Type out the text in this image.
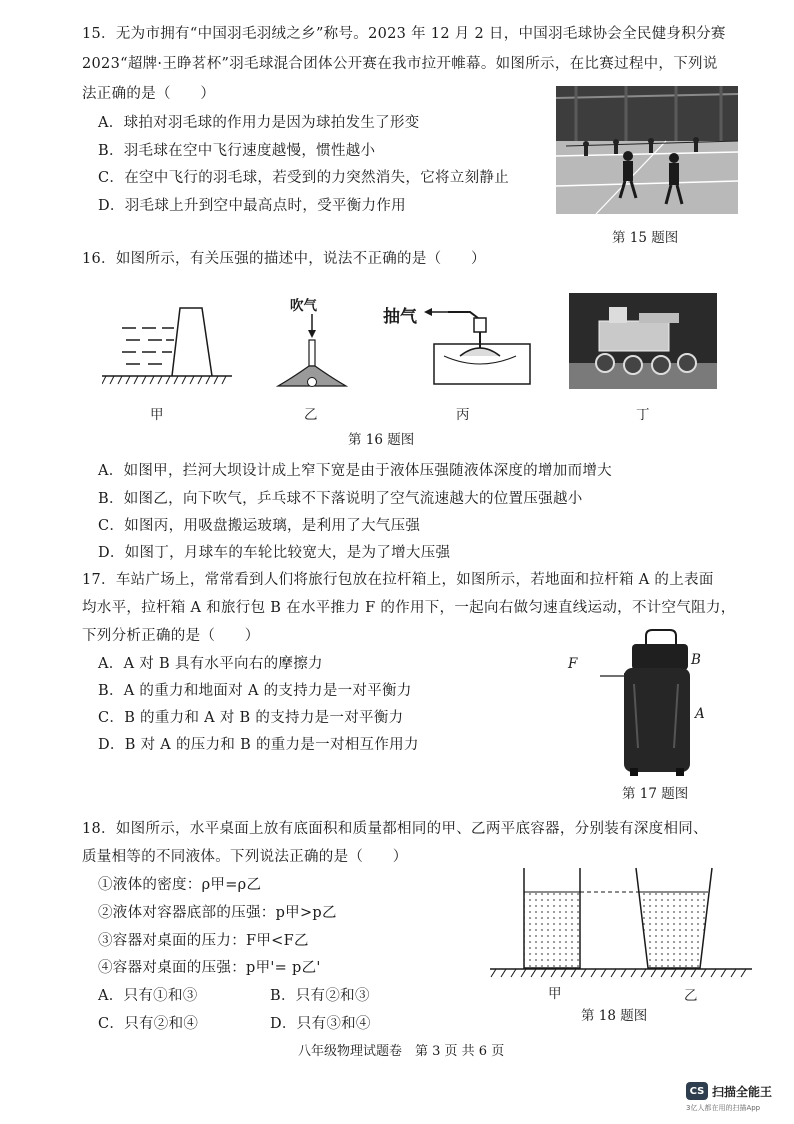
15．无为市拥有“中国羽毛羽绒之乡”称号。2023 年 12 月 2 日，中国羽毛球协会全民健身积分赛
2023“超牌·王睁茗杯”羽毛球混合团体公开赛在我市拉开帷幕。如图所示，在比赛过程中，下列说
法正确的是（　　）
A．球拍对羽毛球的作用力是因为球拍发生了形变
B．羽毛球在空中飞行速度越慢，惯性越小
C．在空中飞行的羽毛球，若受到的力突然消失，它将立刻静止
D．羽毛球上升到空中最高点时，受平衡力作用
第 15 题图
16．如图所示，有关压强的描述中，说法不正确的是（　　）
吹气
抽气
甲	乙	丙	丁
第 16 题图
A．如图甲，拦河大坝设计成上窄下宽是由于液体压强随液体深度的增加而增大
B．如图乙，向下吹气，乒乓球不下落说明了空气流速越大的位置压强越小
C．如图丙，用吸盘搬运玻璃，是利用了大气压强
D．如图丁，月球车的车轮比较宽大，是为了增大压强
17．车站广场上，常常看到人们将旅行包放在拉杆箱上，如图所示，若地面和拉杆箱 A 的上表面
均水平，拉杆箱 A 和旅行包 B 在水平推力 F 的作用下，一起向右做匀速直线运动，不计空气阻力，
下列分析正确的是（　　）
A．A 对 B 具有水平向右的摩擦力
B．A 的重力和地面对 A 的支持力是一对平衡力
C．B 的重力和 A 对 B 的支持力是一对平衡力
D．B 对 A 的压力和 B 的重力是一对相互作用力
F	B
A
第 17 题图
18．如图所示，水平桌面上放有底面积和质量都相同的甲、乙两平底容器，分别装有深度相同、
质量相等的不同液体。下列说法正确的是（　　）
①液体的密度：ρ甲=ρ乙
②液体对容器底部的压强：p甲>p乙
③容器对桌面的压力：F甲<F乙
④容器对桌面的压强：p甲'= p乙'
A．只有①和③	B．只有②和③
C．只有②和④	D．只有③和④
甲	乙
第 18 题图
八年级物理试题卷　第 3 页 共 6 页
CS 扫描全能王
3亿人都在用的扫描App
